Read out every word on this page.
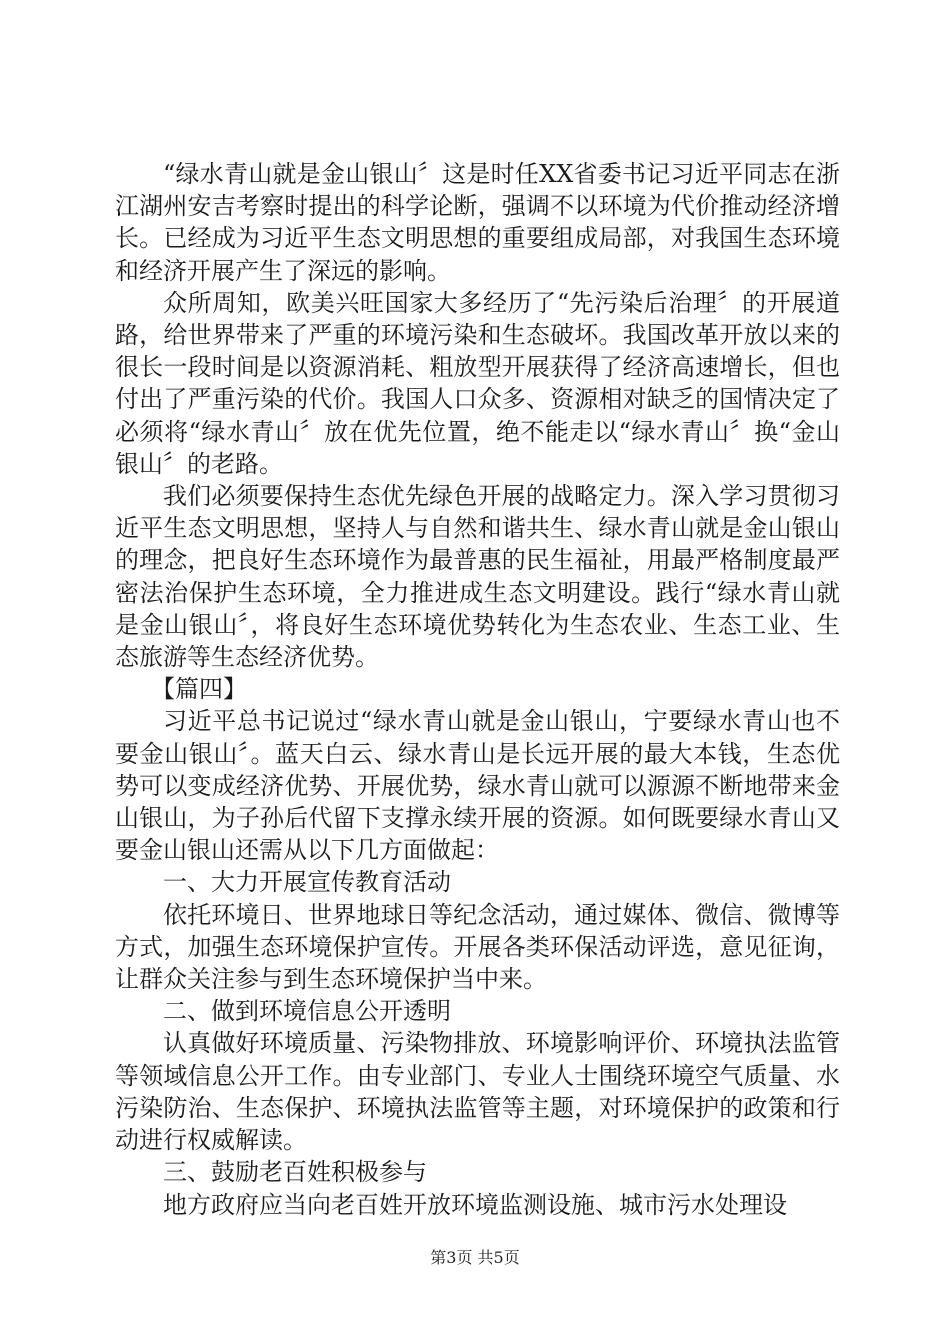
“绿水青山就是金山银山〞这是时任XX省委书记习近平同志在浙江湖州安吉考察时提出的科学论断，强调不以环境为代价推动经济增长。已经成为习近平生态文明思想的重要组成局部，对我国生态环境和经济开展产生了深远的影响。

众所周知，欧美兴旺国家大多经历了“先污染后治理〞的开展道路，给世界带来了严重的环境污染和生态破坏。我国改革开放以来的很长一段时间是以资源消耗、粗放型开展获得了经济高速增长，但也付出了严重污染的代价。我国人口众多、资源相对缺乏的国情决定了必须将“绿水青山〞放在优先位置，绝不能走以“绿水青山〞换“金山银山〞的老路。

我们必须要保持生态优先绿色开展的战略定力。深入学习贯彻习近平生态文明思想，坚持人与自然和谐共生、绿水青山就是金山银山的理念，把良好生态环境作为最普惠的民生福祉，用最严格制度最严密法治保护生态环境，全力推进成生态文明建设。践行“绿水青山就是金山银山〞，将良好生态环境优势转化为生态农业、生态工业、生态旅游等生态经济优势。

【篇四】

习近平总书记说过“绿水青山就是金山银山，宁要绿水青山也不要金山银山〞。蓝天白云、绿水青山是长远开展的最大本钱，生态优势可以变成经济优势、开展优势，绿水青山就可以源源不断地带来金山银山，为子孙后代留下支撑永续开展的资源。如何既要绿水青山又要金山银山还需从以下几方面做起：

一、大力开展宣传教育活动

依托环境日、世界地球日等纪念活动，通过媒体、微信、微博等方式，加强生态环境保护宣传。开展各类环保活动评选，意见征询，让群众关注参与到生态环境保护当中来。

二、做到环境信息公开透明

认真做好环境质量、污染物排放、环境影响评价、环境执法监管等领域信息公开工作。由专业部门、专业人士围绕环境空气质量、水污染防治、生态保护、环境执法监管等主题，对环境保护的政策和行动进行权威解读。

三、鼓励老百姓积极参与

地方政府应当向老百姓开放环境监测设施、城市污水处理设

第3页 共5页
